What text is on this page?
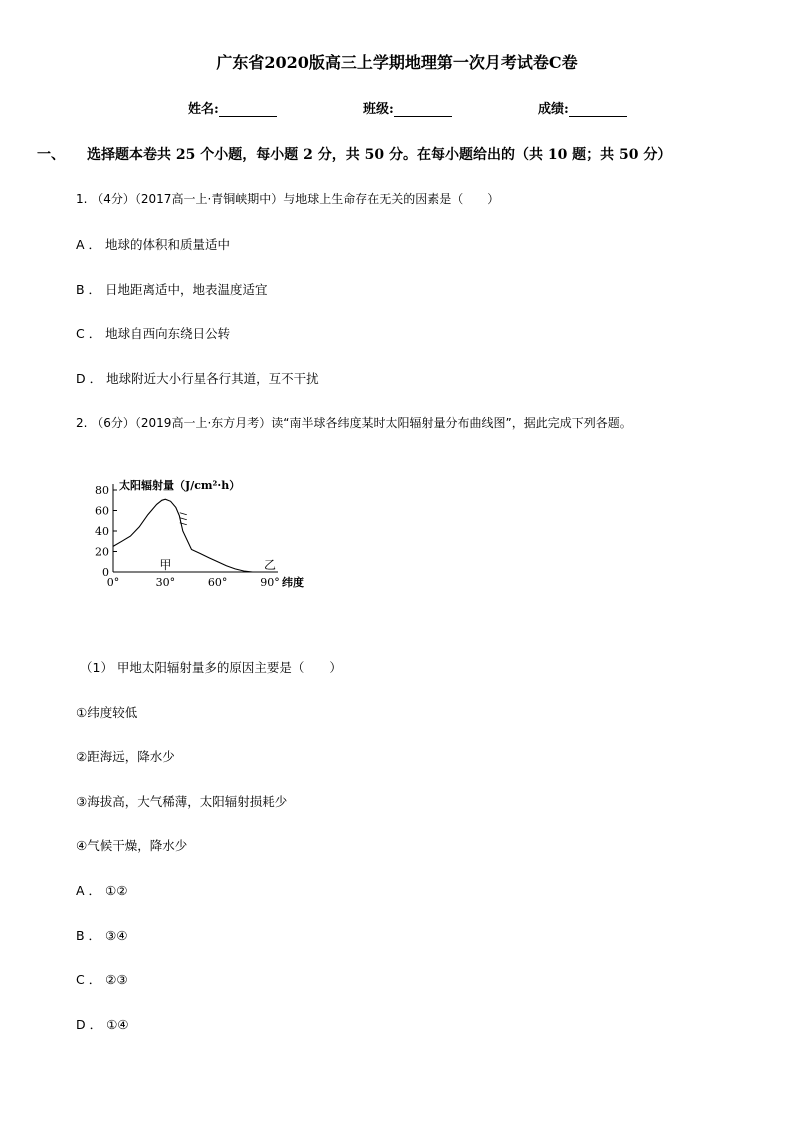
广东省2020版高三上学期地理第一次月考试卷C卷
姓名:	班级:	成绩:
一、 选择题本卷共 25 个小题，每小题 2 分，共 50 分。在每小题给出的（共 10 题；共 50 分）
1. （4分）（2017高一上·青铜峡期中）与地球上生命存在无关的因素是（　　）
A ． 地球的体积和质量适中
B ． 日地距离适中，地表温度适宜
C ． 地球自西向东绕日公转
D ． 地球附近大小行星各行其道，互不干扰
2. （6分）（2019高一上·东方月考）读“南半球各纬度某时太阳辐射量分布曲线图”，据此完成下列各题。
0
20
40
60
80
0°	30°	60°	90° 纬度
太阳辐射量（J/cm²·h）
甲	乙
（1） 甲地太阳辐射量多的原因主要是（　　）
①纬度较低
②距海远，降水少
③海拔高，大气稀薄，太阳辐射损耗少
④气候干燥，降水少
A ． ①②
B ． ③④
C ． ②③
D ． ①④
